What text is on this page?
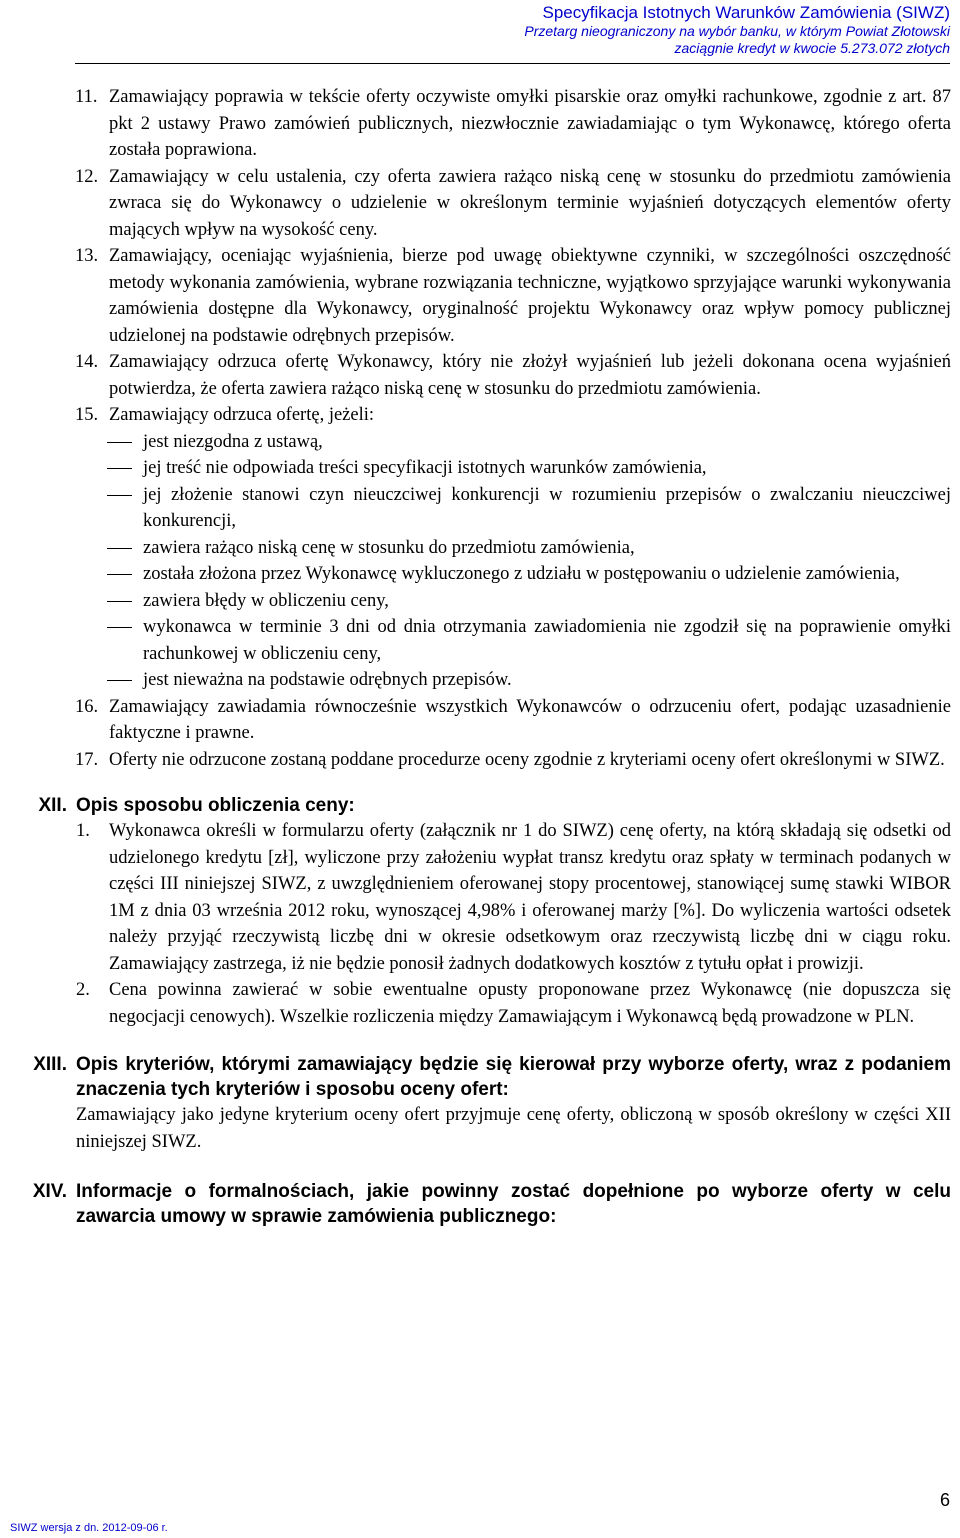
Specyfikacja Istotnych Warunków Zamówienia (SIWZ)
Przetarg nieograniczony na wybór banku, w którym Powiat Złotowski
zaciągnie kredyt w kwocie 5.273.072 złotych
11. Zamawiający poprawia w tekście oferty oczywiste omyłki pisarskie oraz omyłki rachunkowe, zgodnie z art. 87 pkt 2 ustawy Prawo zamówień publicznych, niezwłocznie zawiadamiając o tym Wykonawcę, którego oferta została poprawiona.
12. Zamawiający w celu ustalenia, czy oferta zawiera rażąco niską cenę w stosunku do przedmiotu zamówienia zwraca się do Wykonawcy o udzielenie w określonym terminie wyjaśnień dotyczących elementów oferty mających wpływ na wysokość ceny.
13. Zamawiający, oceniając wyjaśnienia, bierze pod uwagę obiektywne czynniki, w szczególności oszczędność metody wykonania zamówienia, wybrane rozwiązania techniczne, wyjątkowo sprzyjające warunki wykonywania zamówienia dostępne dla Wykonawcy, oryginalność projektu Wykonawcy oraz wpływ pomocy publicznej udzielonej na podstawie odrębnych przepisów.
14. Zamawiający odrzuca ofertę Wykonawcy, który nie złożył wyjaśnień lub jeżeli dokonana ocena wyjaśnień potwierdza, że oferta zawiera rażąco niską cenę w stosunku do przedmiotu zamówienia.
15. Zamawiający odrzuca ofertę, jeżeli:
jest niezgodna z ustawą,
jej treść nie odpowiada treści specyfikacji istotnych warunków zamówienia,
jej złożenie stanowi czyn nieuczciwej konkurencji w rozumieniu przepisów o zwalczaniu nieuczciwej konkurencji,
zawiera rażąco niską cenę w stosunku do przedmiotu zamówienia,
została złożona przez Wykonawcę wykluczonego z udziału w postępowaniu o udzielenie zamówienia,
zawiera błędy w obliczeniu ceny,
wykonawca w terminie 3 dni od dnia otrzymania zawiadomienia nie zgodził się na poprawienie omyłki rachunkowej w obliczeniu ceny,
jest nieważna na podstawie odrębnych przepisów.
16. Zamawiający zawiadamia równocześnie wszystkich Wykonawców o odrzuceniu ofert, podając uzasadnienie faktyczne i prawne.
17. Oferty nie odrzucone zostaną poddane procedurze oceny zgodnie z kryteriami oceny ofert określonymi w SIWZ.
XII. Opis sposobu obliczenia ceny:
1. Wykonawca określi w formularzu oferty (załącznik nr 1 do SIWZ) cenę oferty, na którą składają się odsetki od udzielonego kredytu [zł], wyliczone przy założeniu wypłat transz kredytu oraz spłaty w terminach podanych w części III niniejszej SIWZ, z uwzględnieniem oferowanej stopy procentowej, stanowiącej sumę stawki WIBOR 1M z dnia 03 września 2012 roku, wynoszącej 4,98% i oferowanej marży [%]. Do wyliczenia wartości odsetek należy przyjąć rzeczywistą liczbę dni w okresie odsetkowym oraz rzeczywistą liczbę dni w ciągu roku. Zamawiający zastrzega, iż nie będzie ponosił żadnych dodatkowych kosztów z tytułu opłat i prowizji.
2. Cena powinna zawierać w sobie ewentualne opusty proponowane przez Wykonawcę (nie dopuszcza się negocjacji cenowych). Wszelkie rozliczenia między Zamawiającym i Wykonawcą będą prowadzone w PLN.
XIII. Opis kryteriów, którymi zamawiający będzie się kierował przy wyborze oferty, wraz z podaniem znaczenia tych kryteriów i sposobu oceny ofert:
Zamawiający jako jedyne kryterium oceny ofert przyjmuje cenę oferty, obliczoną w sposób określony w części XII niniejszej SIWZ.
XIV. Informacje o formalnościach, jakie powinny zostać dopełnione po wyborze oferty w celu zawarcia umowy w sprawie zamówienia publicznego:
6
SIWZ wersja z dn. 2012-09-06 r.
